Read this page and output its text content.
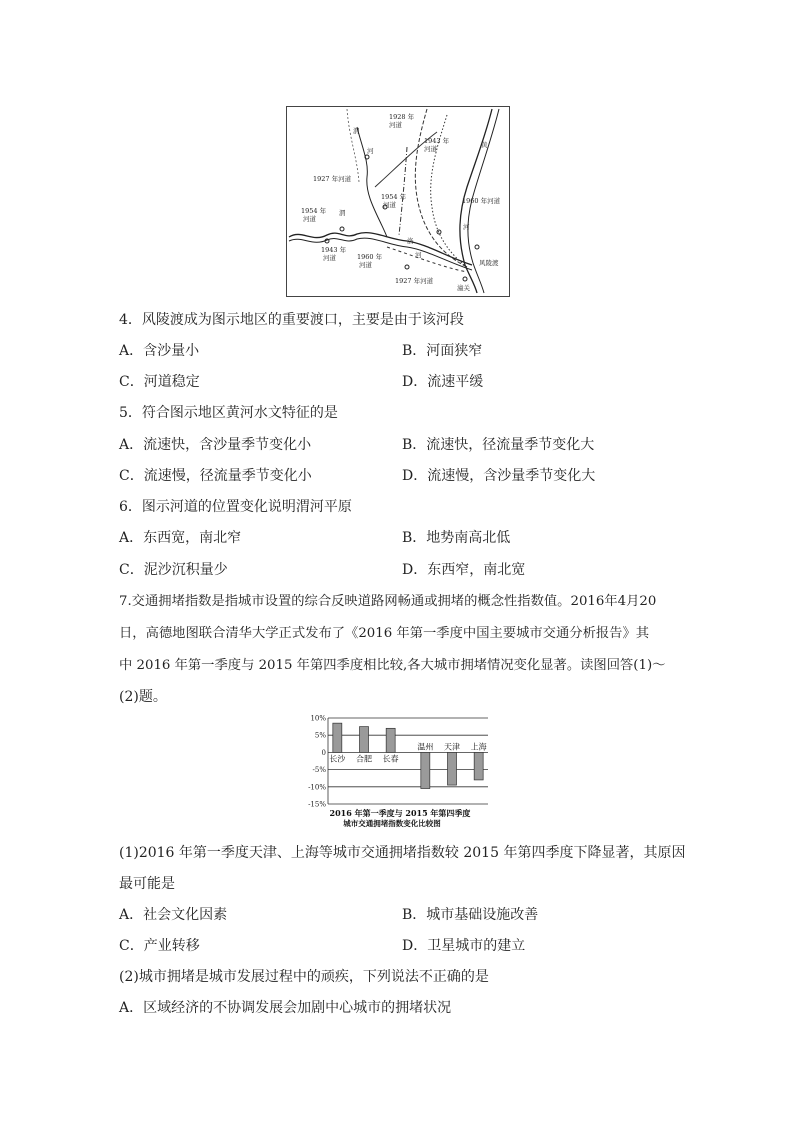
渭
河
1928 年
河道
1943 年
河道	黄
1927 年河道
1954 年
河道	1960 年河道
河
1954 年
河道
渭
1943 年
河道	1960 年
河道
洛
河
风陵渡
1927 年河道
潼关
4．风陵渡成为图示地区的重要渡口，主要是由于该河段
A．含沙量小	B．河面狭窄
C．河道稳定	D．流速平缓
5．符合图示地区黄河水文特征的是
A．流速快，含沙量季节变化小	B．流速快，径流量季节变化大
C．流速慢，径流量季节变化小	D．流速慢，含沙量季节变化大
6．图示河道的位置变化说明渭河平原
A．东西宽，南北窄	B．地势南高北低
C．泥沙沉积量少	D．东西窄，南北宽
7.交通拥堵指数是指城市设置的综合反映道路网畅通或拥堵的概念性指数值。2016年4月20
日，高德地图联合清华大学正式发布了《2016 年第一季度中国主要城市交通分析报告》其
中 2016 年第一季度与 2015 年第四季度相比较,各大城市拥堵情况变化显著。读图回答(1)～
(2)题。
10%
5%
0
-5%
-10%
-15%
长沙 合肥 长春
温州 天津 上海
2016 年第一季度与 2015 年第四季度
城市交通拥堵指数变化比较图
(1)2016 年第一季度天津、上海等城市交通拥堵指数较 2015 年第四季度下降显著，其原因
最可能是
A．社会文化因素	B．城市基础设施改善
C．产业转移	D．卫星城市的建立
(2)城市拥堵是城市发展过程中的顽疾，下列说法不正确的是
A．区域经济的不协调发展会加剧中心城市的拥堵状况
